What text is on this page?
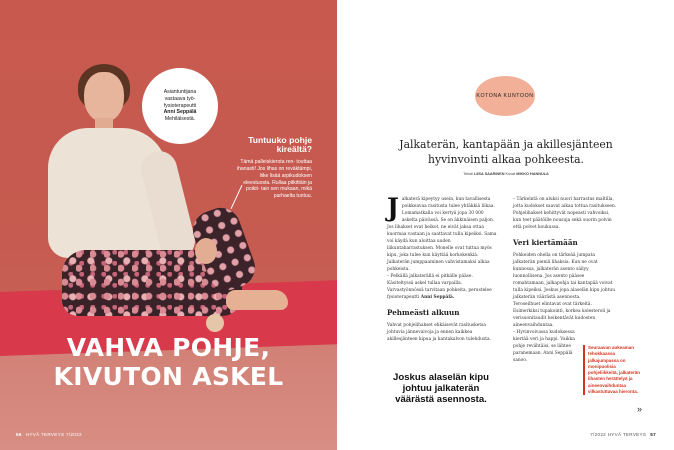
Asiantuntijana
vastaava työ-
fysioterapeutti
Anni Seppälä
Mehiläisestä.
Tuntuuko pohje kireältä?
Tämä palleiskierota ren- touttaa ihanasti! Jos lihas on reväktämpi, liike lisää arpikudoksen eleestuosta. Rullaa pitkittäin ja poikit- tain sen mukaan, mikä parhaelta tuntuu.
VAHVA POHJE,
KIVUTON ASKEL
56 HYVÄ TERVEYS 7/2022
KOTONA KUNTOON
Jalkaterän, kantapään ja akillesjänteen
hyvinvointi alkaa pohkeesta.
Teksti LIISA SAARINEN Kuvat MIKKO HANNULA
J alkaterä kipeytyy usein, kun tavallisesta poikkeavaa rasitusta tulee yhtäkkiä liikaa.

Lomamatkalla voi kertyä jopa 30 000 askelta päivässä. Se on äkkinäisen paljon. Jos lihakset ovat heikot, ne eivät jaksa ottaa kuormaa vastaan ja saattavat tulla kipeiksi. Sama voi käydä kun aloittaa uuden liikuntaharrastuksen. Monelle ovat tuttua myös kipu, joka tulee kun käyttää korkokenkiä. Jalkaterän jumppaaminen vahvistamaksi alkaa pohkeista.

– Pelkällä jalkaterällä ei pitkälle pääse. Käsiteltyssä askel tullaa varpailla. Varvastyönnössä tarvitaan pohkeita, perustelee fysioterapeutti Anni Seppälä.

Pehmeästi alkuun

Vahvat pohjelihakset ehkäisevät rasitusketsa johtuvia jännevaivoja ja ennen kaikkea akillesjänteen kipua ja kantakalvon tulehdusta.

– Tärkeintä on aluksi nuori harrastus maltilla, jotta kudokset saavat aikaa tottua rasitukseen.

Pohjelihakset kehittyvät nopeasti vahvoiksi, kun teet päätöille nousuja sekä suorin polvin että polvet koukussa.

Veri kiertämään

Pohkeiden ohella on tärkeää jumpata jalkaterän pieniä lihaksia. Kun ne ovat kunnossa, jalkaterän asento säilyy luonnollisena. Jos asento pääsee romahtamaan, jalkapohja tai kantapää voivat tulla kipeiksi. Joskus jopa alaselän kipu johtuu jalkaterän väärästä asennosta.

Teroseilhuet elintavat ovat tärkeitä. Esimerkiksi tupakointi, korkea kolesteroli ja verisuonitaudit heikentävät kudosten aineenvaihduntaa.

– Hyvinvoivassa kudoksessa kiertää veri ja happi. Vaikka pohje revähtäisi, se lähtee paranemaan, Anni Seppälä sanoo.

Joskus alaselän kipu johtuu jalkaterän väärästä asennosta.
Seuraavan aukeaman tehokkaassa jalkajumpassa on monipuolisia pohjeliikkeitä, jalkaterän lihasten herättelyä ja aineenvaihduntaa vilkastuttavaa hieronta.
»
7/2022 HYVÄ TERVEYS 57
